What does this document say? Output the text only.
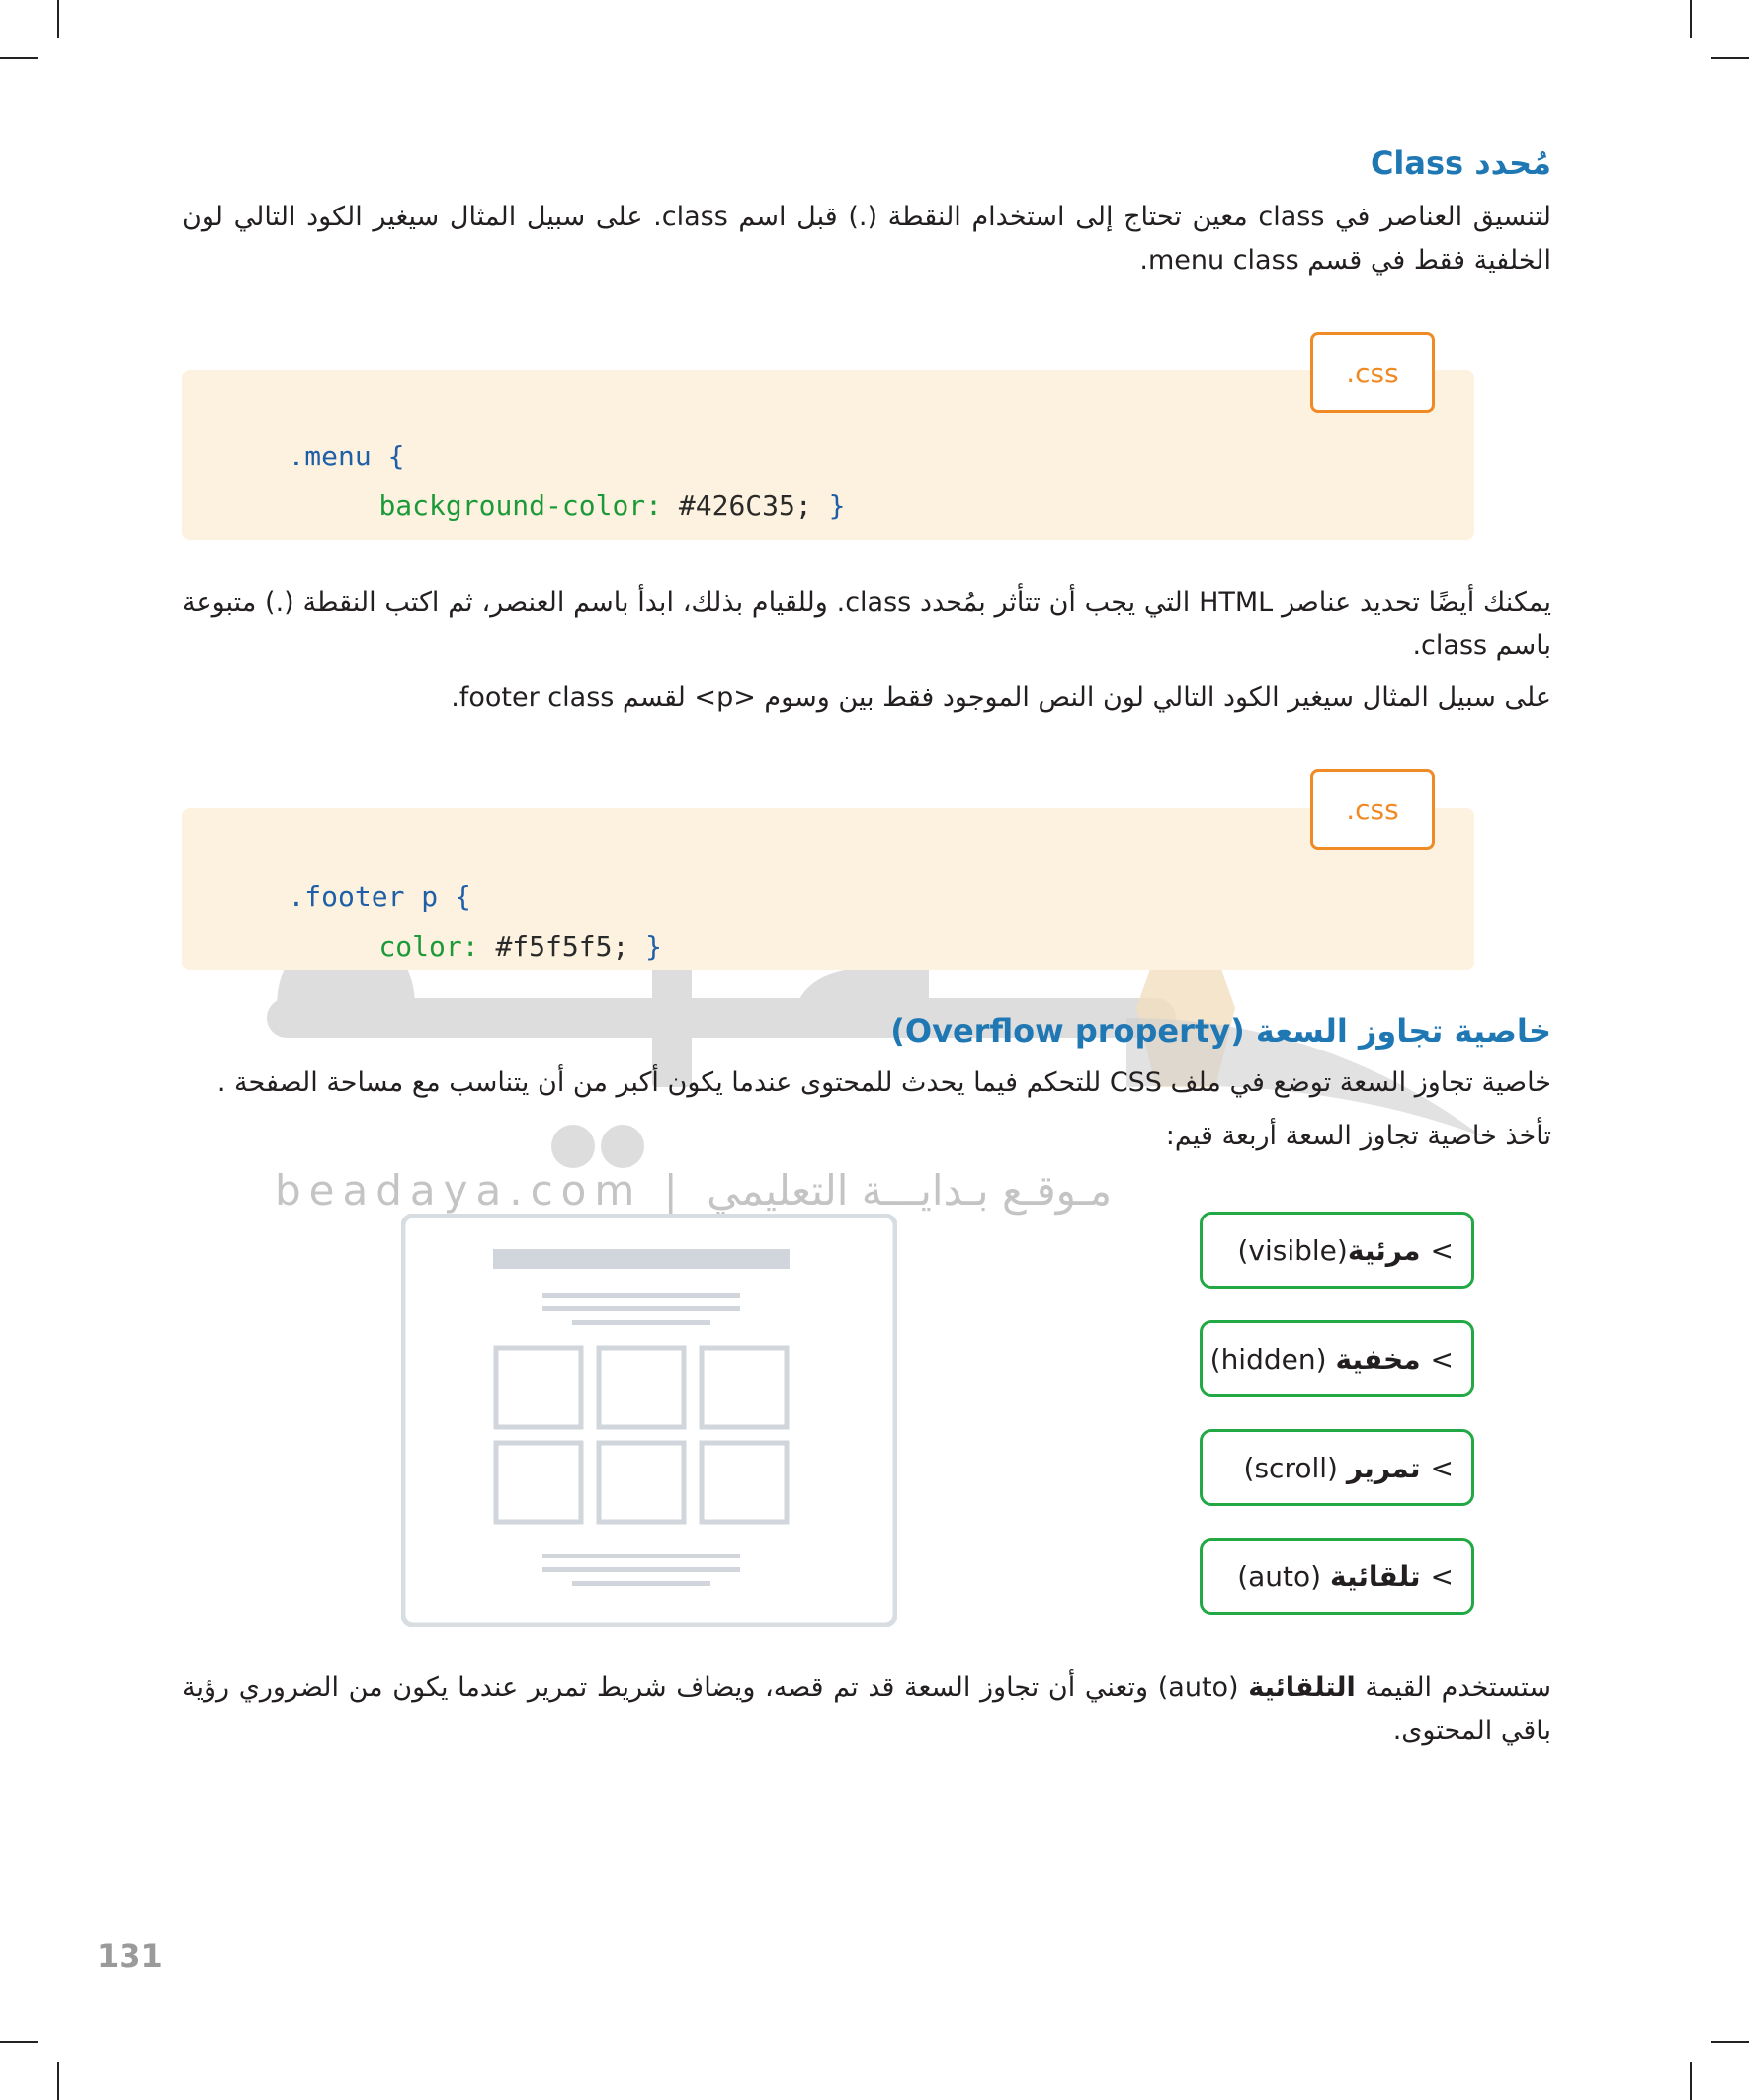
beadaya.com | مـوقـع بـدايـــة التعليمي
مُحدد Class
لتنسيق العناصر في class معين تحتاج إلى استخدام النقطة (.) قبل اسم class. على سبيل المثال سيغير الكود التالي لون الخلفية فقط في قسم menu class.

.menu {

background-color: #426C35; }

.css
يمكنك أيضًا تحديد عناصر HTML التي يجب أن تتأثر بمُحدد class. وللقيام بذلك، ابدأ باسم العنصر، ثم اكتب النقطة (.) متبوعة باسم class.
على سبيل المثال سيغير الكود التالي لون النص الموجود فقط بين وسوم <p> لقسم footer class.

.footer p {

color: #f5f5f5; }

.css
خاصية تجاوز السعة (Overflow property)
خاصية تجاوز السعة توضع في ملف CSS للتحكم فيما يحدث للمحتوى عندما يكون أكبر من أن يتناسب مع مساحة الصفحة .
تأخذ خاصية تجاوز السعة أربعة قيم:
>
مرئية
(visible)
>
مخفية

(hidden)
>
تمرير

(scroll)
>
تلقائية

(auto)
ستستخدم القيمة التلقائية (auto) وتعني أن تجاوز السعة قد تم قصه، ويضاف شريط تمرير عندما يكون من الضروري رؤية باقي المحتوى.
131
